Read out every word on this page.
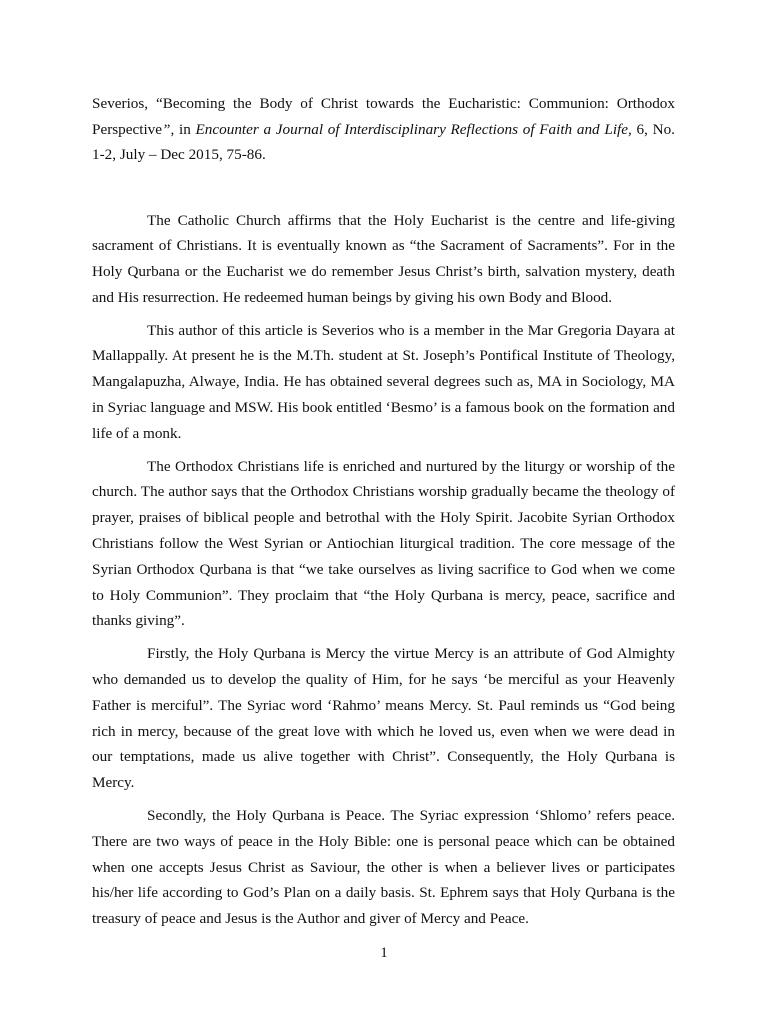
Severios, “Becoming the Body of Christ towards the Eucharistic: Communion: Orthodox Perspective”, in Encounter a Journal of Interdisciplinary Reflections of Faith and Life, 6, No. 1-2, July – Dec 2015, 75-86.

The Catholic Church affirms that the Holy Eucharist is the centre and life-giving sacrament of Christians. It is eventually known as “the Sacrament of Sacraments”. For in the Holy Qurbana or the Eucharist we do remember Jesus Christ’s birth, salvation mystery, death and His resurrection. He redeemed human beings by giving his own Body and Blood.

This author of this article is Severios who is a member in the Mar Gregoria Dayara at Mallappally. At present he is the M.Th. student at St. Joseph’s Pontifical Institute of Theology, Mangalapuzha, Alwaye, India. He has obtained several degrees such as, MA in Sociology, MA in Syriac language and MSW. His book entitled ‘Besmo’ is a famous book on the formation and life of a monk.

The Orthodox Christians life is enriched and nurtured by the liturgy or worship of the church. The author says that the Orthodox Christians worship gradually became the theology of prayer, praises of biblical people and betrothal with the Holy Spirit. Jacobite Syrian Orthodox Christians follow the West Syrian or Antiochian liturgical tradition. The core message of the Syrian Orthodox Qurbana is that “we take ourselves as living sacrifice to God when we come to Holy Communion”. They proclaim that “the Holy Qurbana is mercy, peace, sacrifice and thanks giving”.

Firstly, the Holy Qurbana is Mercy the virtue Mercy is an attribute of God Almighty who demanded us to develop the quality of Him, for he says ‘be merciful as your Heavenly Father is merciful”. The Syriac word ‘Rahmo’ means Mercy. St. Paul reminds us “God being rich in mercy, because of the great love with which he loved us, even when we were dead in our temptations, made us alive together with Christ”. Consequently, the Holy Qurbana is Mercy.

Secondly, the Holy Qurbana is Peace. The Syriac expression ‘Shlomo’ refers peace. There are two ways of peace in the Holy Bible: one is personal peace which can be obtained when one accepts Jesus Christ as Saviour, the other is when a believer lives or participates his/her life according to God’s Plan on a daily basis. St. Ephrem says that Holy Qurbana is the treasury of peace and Jesus is the Author and giver of Mercy and Peace.

1
